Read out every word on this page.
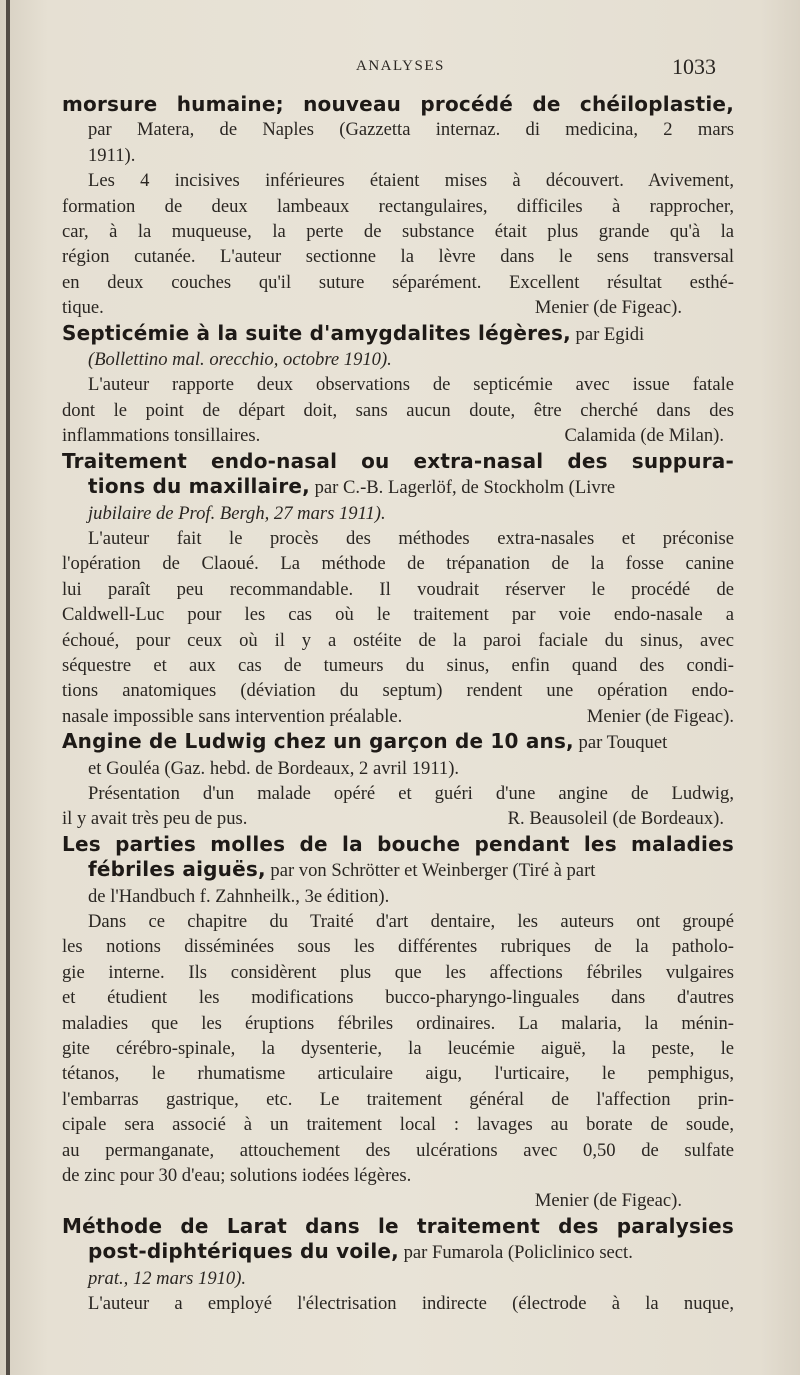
ANALYSES	1033
morsure humaine; nouveau procédé de chéiloplastie,
par Matera, de Naples (Gazzetta internaz. di medicina, 2 mars
1911).
Les 4 incisives inférieures étaient mises à découvert. Avivement,
formation de deux lambeaux rectangulaires, difficiles à rapprocher,
car, à la muqueuse, la perte de substance était plus grande qu'à la
région cutanée. L'auteur sectionne la lèvre dans le sens transversal
en deux couches qu'il suture séparément. Excellent résultat esthé-
tique.	Menier (de Figeac).
Septicémie à la suite d'amygdalites légères, par Egidi
(Bollettino mal. orecchio, octobre 1910).
L'auteur rapporte deux observations de septicémie avec issue fatale
dont le point de départ doit, sans aucun doute, être cherché dans des
inflammations tonsillaires.	Calamida (de Milan).
Traitement endo-nasal ou extra-nasal des suppura-
tions du maxillaire, par C.-B. Lagerlöf, de Stockholm (Livre
jubilaire de Prof. Bergh, 27 mars 1911).
L'auteur fait le procès des méthodes extra-nasales et préconise
l'opération de Claoué. La méthode de trépanation de la fosse canine
lui paraît peu recommandable. Il voudrait réserver le procédé de
Caldwell-Luc pour les cas où le traitement par voie endo-nasale a
échoué, pour ceux où il y a ostéite de la paroi faciale du sinus, avec
séquestre et aux cas de tumeurs du sinus, enfin quand des condi-
tions anatomiques (déviation du septum) rendent une opération endo-
nasale impossible sans intervention préalable.	Menier (de Figeac).
Angine de Ludwig chez un garçon de 10 ans, par Touquet
et Gouléa (Gaz. hebd. de Bordeaux, 2 avril 1911).
Présentation d'un malade opéré et guéri d'une angine de Ludwig,
il y avait très peu de pus.	R. Beausoleil (de Bordeaux).
Les parties molles de la bouche pendant les maladies
fébriles aiguës, par von Schrötter et Weinberger (Tiré à part
de l'Handbuch f. Zahnheilk., 3e édition).
Dans ce chapitre du Traité d'art dentaire, les auteurs ont groupé
les notions disséminées sous les différentes rubriques de la patholo-
gie interne. Ils considèrent plus que les affections fébriles vulgaires
et étudient les modifications bucco-pharyngo-linguales dans d'autres
maladies que les éruptions fébriles ordinaires. La malaria, la ménin-
gite cérébro-spinale, la dysenterie, la leucémie aiguë, la peste, le
tétanos, le rhumatisme articulaire aigu, l'urticaire, le pemphigus,
l'embarras gastrique, etc. Le traitement général de l'affection prin-
cipale sera associé à un traitement local : lavages au borate de soude,
au permanganate, attouchement des ulcérations avec 0,50 de sulfate
de zinc pour 30 d'eau; solutions iodées légères.
Menier (de Figeac).
Méthode de Larat dans le traitement des paralysies
post-diphtériques du voile, par Fumarola (Policlinico sect.
prat., 12 mars 1910).
L'auteur a employé l'électrisation indirecte (électrode à la nuque,
